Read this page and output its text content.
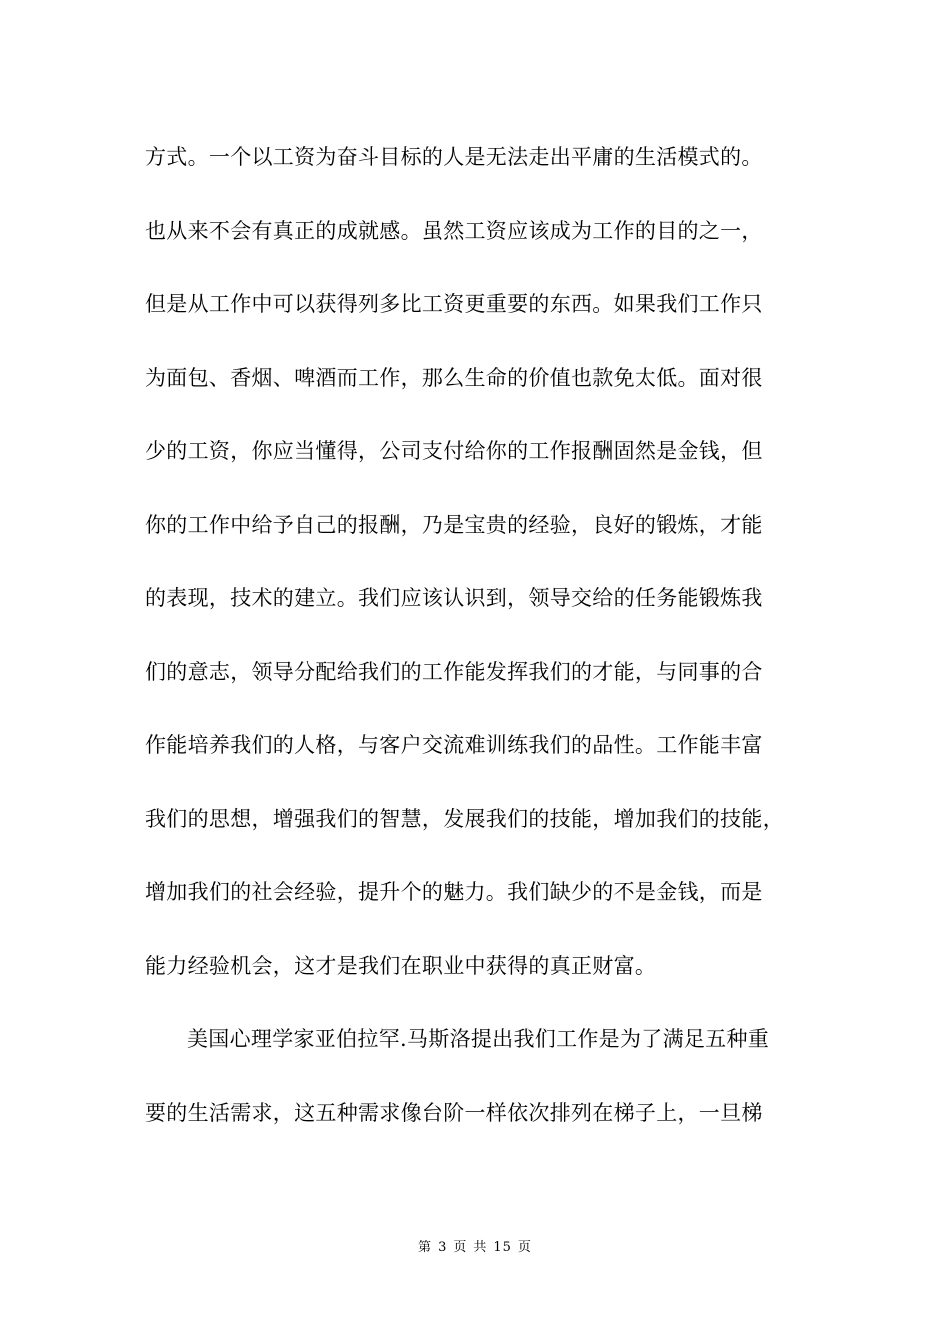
方式。一个以工资为奋斗目标的人是无法走出平庸的生活模式的。
也从来不会有真正的成就感。虽然工资应该成为工作的目的之一，
但是从工作中可以获得列多比工资更重要的东西。如果我们工作只
为面包、香烟、啤酒而工作，那么生命的价值也款免太低。面对很
少的工资，你应当懂得，公司支付给你的工作报酬固然是金钱，但
你的工作中给予自己的报酬，乃是宝贵的经验，良好的锻炼，才能
的表现，技术的建立。我们应该认识到，领导交给的任务能锻炼我
们的意志，领导分配给我们的工作能发挥我们的才能，与同事的合
作能培养我们的人格，与客户交流难训练我们的品性。工作能丰富
我们的思想，增强我们的智慧，发展我们的技能，增加我们的技能，
增加我们的社会经验，提升个的魅力。我们缺少的不是金钱，而是
能力经验机会，这才是我们在职业中获得的真正财富。
美国心理学家亚伯拉罕.马斯洛提出我们工作是为了满足五种重
要的生活需求，这五种需求像台阶一样依次排列在梯子上，一旦梯
第 3 页 共 15 页
